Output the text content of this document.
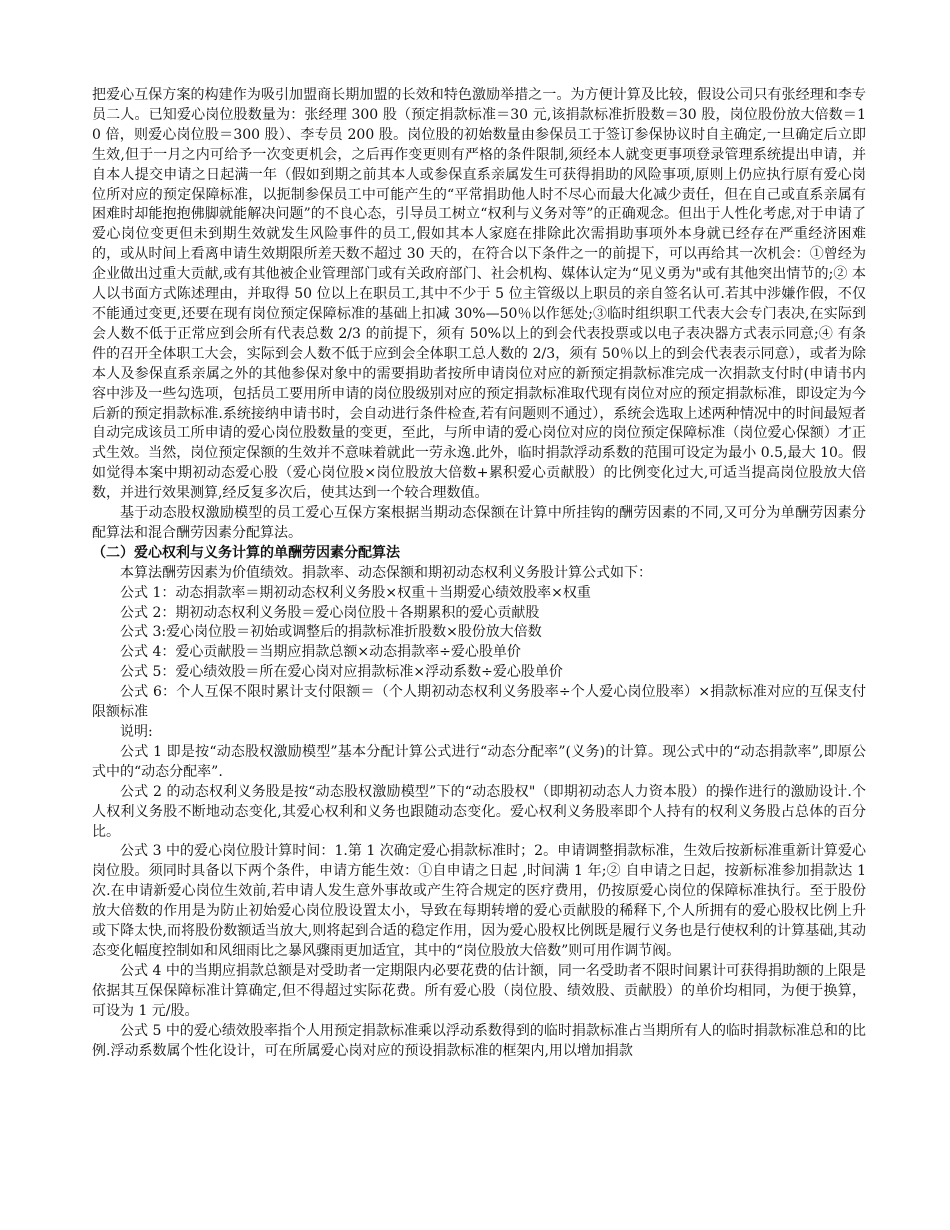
把爱心互保方案的构建作为吸引加盟商长期加盟的长效和特色激励举措之一。为方便计算及比较，假设公司只有张经理和李专员二人。已知爱心岗位股数量为：张经理 300 股（预定捐款标准＝30 元,该捐款标准折股数＝30 股，岗位股份放大倍数＝10 倍，则爱心岗位股＝300 股）、李专员 200 股。岗位股的初始数量由参保员工于签订参保协议时自主确定,一旦确定后立即生效,但于一月之内可给予一次变更机会，之后再作变更则有严格的条件限制,须经本人就变更事项登录管理系统提出申请，并自本人提交申请之日起满一年（假如到期之前其本人或参保直系亲属发生可获得捐助的风险事项,原则上仍应执行原有爱心岗位所对应的预定保障标准，以扼制参保员工中可能产生的“平常捐助他人时不尽心而最大化减少责任，但在自己或直系亲属有困难时却能抱抱佛脚就能解决问题”的不良心态，引导员工树立“权利与义务对等”的正确观念。但出于人性化考虑,对于申请了爱心岗位变更但未到期生效就发生风险事件的员工,假如其本人家庭在排除此次需捐助事项外本身就已经存在严重经济困难的，或从时间上看离申请生效期限所差天数不超过 30 天的，在符合以下条件之一的前提下，可以再给其一次机会：①曾经为企业做出过重大贡献,或有其他被企业管理部门或有关政府部门、社会机构、媒体认定为“见义勇为"或有其他突出情节的;② 本人以书面方式陈述理由，并取得 50 位以上在职员工,其中不少于 5 位主管级以上职员的亲自签名认可.若其中涉嫌作假，不仅不能通过变更,还要在现有岗位预定保障标准的基础上扣减 30%—50％以作惩处;③临时组织职工代表大会专门表决,在实际到会人数不低于正常应到会所有代表总数 2/3 的前提下，须有 50%以上的到会代表投票或以电子表决器方式表示同意;④ 有条件的召开全体职工大会，实际到会人数不低于应到会全体职工总人数的 2/3，须有 50％以上的到会代表表示同意），或者为除本人及参保直系亲属之外的其他参保对象中的需要捐助者按所申请岗位对应的新预定捐款标准完成一次捐款支付时(申请书内容中涉及一些勾选项，包括员工要用所申请的岗位股级别对应的预定捐款标准取代现有岗位对应的预定捐款标准，即设定为今后新的预定捐款标准.系统接纳申请书时，会自动进行条件检查,若有问题则不通过），系统会选取上述两种情况中的时间最短者自动完成该员工所申请的爱心岗位股数量的变更，至此，与所申请的爱心岗位对应的岗位预定保障标准（岗位爱心保额）才正式生效。当然，岗位预定保额的生效并不意味着就此一劳永逸.此外，临时捐款浮动系数的范围可设定为最小 0.5,最大 10。假如觉得本案中期初动态爱心股（爱心岗位股×岗位股放大倍数+累积爱心贡献股）的比例变化过大,可适当提高岗位股放大倍数，并进行效果测算,经反复多次后，使其达到一个较合理数值。

基于动态股权激励模型的员工爱心互保方案根据当期动态保额在计算中所挂钩的酬劳因素的不同,又可分为单酬劳因素分配算法和混合酬劳因素分配算法。

（二）爱心权利与义务计算的单酬劳因素分配算法

本算法酬劳因素为价值绩效。捐款率、动态保额和期初动态权利义务股计算公式如下：

公式 1：动态捐款率＝期初动态权利义务股×权重＋当期爱心绩效股率×权重

公式 2：期初动态权利义务股＝爱心岗位股＋各期累积的爱心贡献股

公式 3:爱心岗位股＝初始或调整后的捐款标准折股数×股份放大倍数

公式 4：爱心贡献股＝当期应捐款总额×动态捐款率÷爱心股单价

公式 5：爱心绩效股＝所在爱心岗对应捐款标准×浮动系数÷爱心股单价

公式 6：个人互保不限时累计支付限额＝（个人期初动态权利义务股率÷个人爱心岗位股率）×捐款标准对应的互保支付限额标准

说明:

公式 1 即是按“动态股权激励模型”基本分配计算公式进行“动态分配率”(义务)的计算。现公式中的“动态捐款率”,即原公式中的“动态分配率”.

公式 2 的动态权利义务股是按“动态股权激励模型”下的“动态股权"（即期初动态人力资本股）的操作进行的激励设计.个人权利义务股不断地动态变化,其爱心权利和义务也跟随动态变化。爱心权利义务股率即个人持有的权利义务股占总体的百分比。

公式 3 中的爱心岗位股计算时间：1.第 1 次确定爱心捐款标准时；2。申请调整捐款标准，生效后按新标准重新计算爱心岗位股。须同时具备以下两个条件，申请方能生效：①自申请之日起 ,时间满 1 年;② 自申请之日起，按新标准参加捐款达 1 次.在申请新爱心岗位生效前,若申请人发生意外事故或产生符合规定的医疗费用，仍按原爱心岗位的保障标准执行。至于股份放大倍数的作用是为防止初始爱心岗位股设置太小，导致在每期转增的爱心贡献股的稀释下,个人所拥有的爱心股权比例上升或下降太快,而将股份数额适当放大,则将起到合适的稳定作用，因为爱心股权比例既是履行义务也是行使权利的计算基础,其动态变化幅度控制如和风细雨比之暴风骤雨更加适宜，其中的“岗位股放大倍数”则可用作调节阀。

公式 4 中的当期应捐款总额是对受助者一定期限内必要花费的估计额，同一名受助者不限时间累计可获得捐助额的上限是依据其互保保障标准计算确定,但不得超过实际花费。所有爱心股（岗位股、绩效股、贡献股）的单价均相同，为便于换算，可设为 1 元/股。

公式 5 中的爱心绩效股率指个人用预定捐款标准乘以浮动系数得到的临时捐款标准占当期所有人的临时捐款标准总和的比例.浮动系数属个性化设计，可在所属爱心岗对应的预设捐款标准的框架内,用以增加捐款
